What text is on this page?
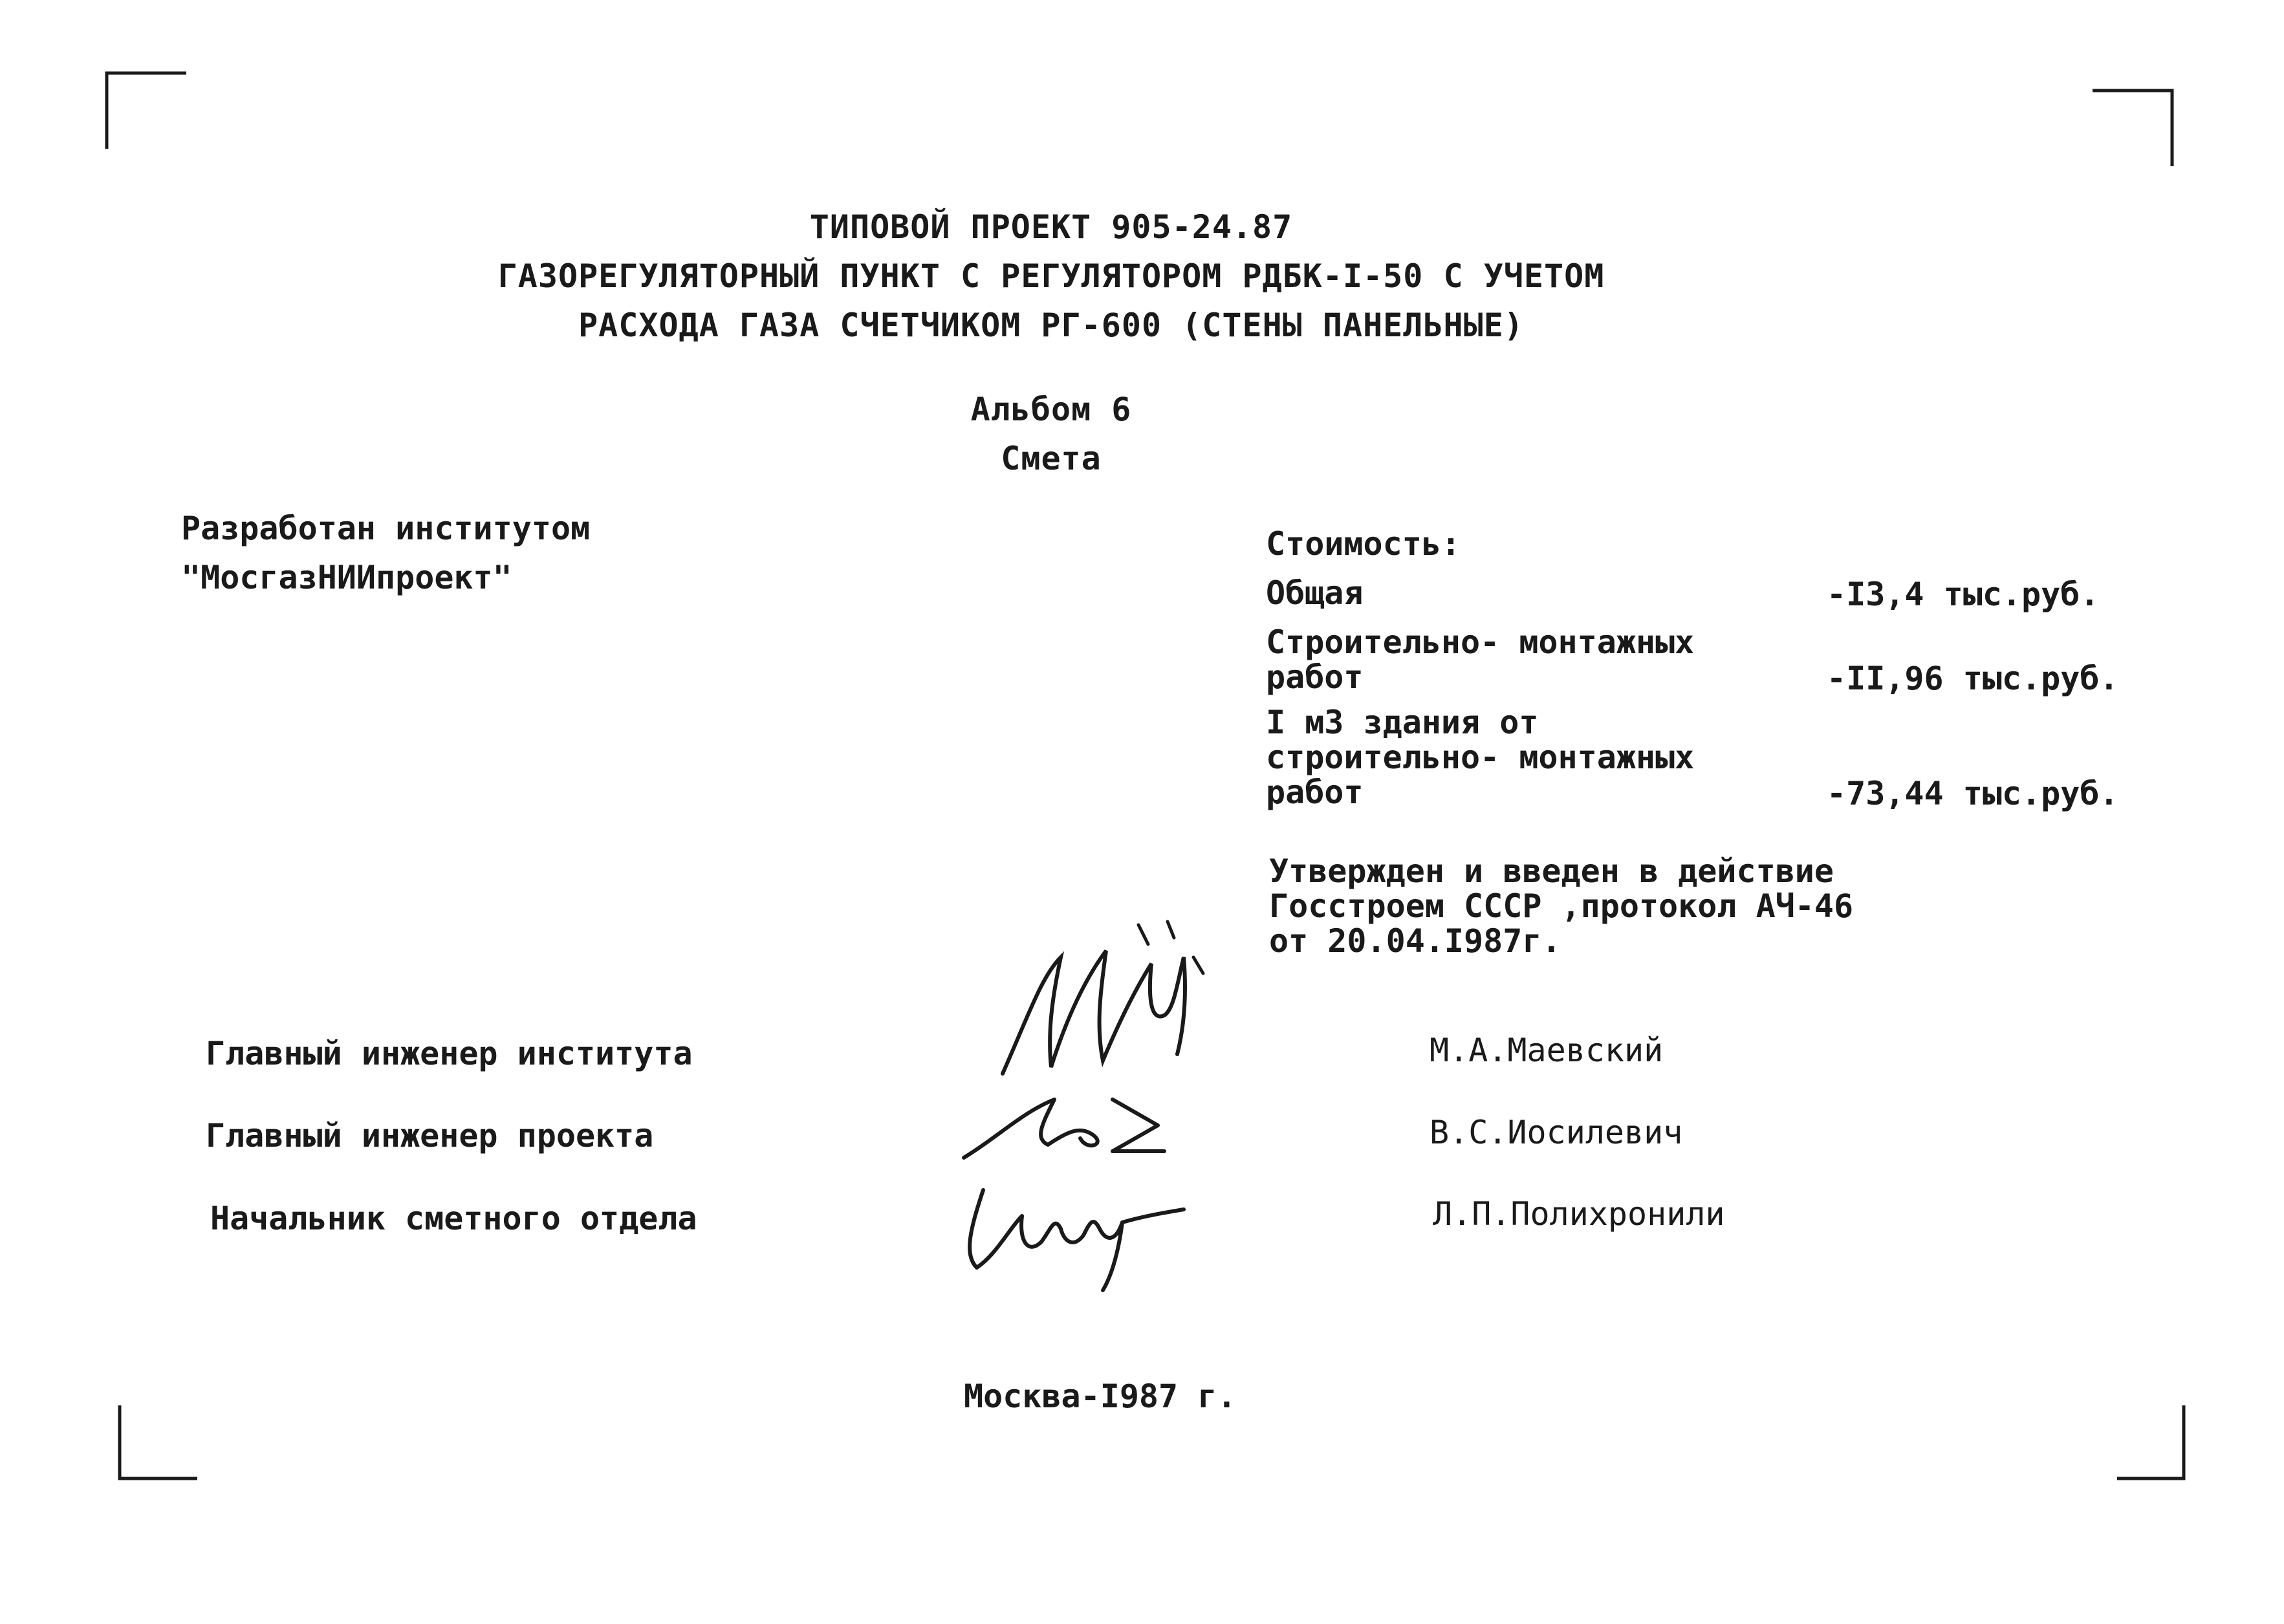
ТИПОВОЙ ПРОЕКТ 905-24.87
ГАЗОРЕГУЛЯТОРНЫЙ ПУНКТ С РЕГУЛЯТОРОМ РДБК-I-50 С УЧЕТОМ
РАСХОДА ГАЗА СЧЕТЧИКОМ РГ-600 (СТЕНЫ ПАНЕЛЬНЫЕ)
Альбом 6
Смета
Разработан институтом
"МосгазНИИпроект"
Стоимость:
Общая	-I3,4 тыс.руб.
Строительно- монтажных
работ	-II,96 тыс.руб.
I м3 здания от
строительно- монтажных
работ	-73,44 тыс.руб.
Утвержден и введен в действие
Госстроем СССР ,протокол АЧ-46
от 20.04.I987г.
Главный инженер института	М.А.Маевский
Главный инженер проекта	В.С.Иосилевич
Начальник сметного отдела	Л.П.Полихронили
Москва-I987 г.
